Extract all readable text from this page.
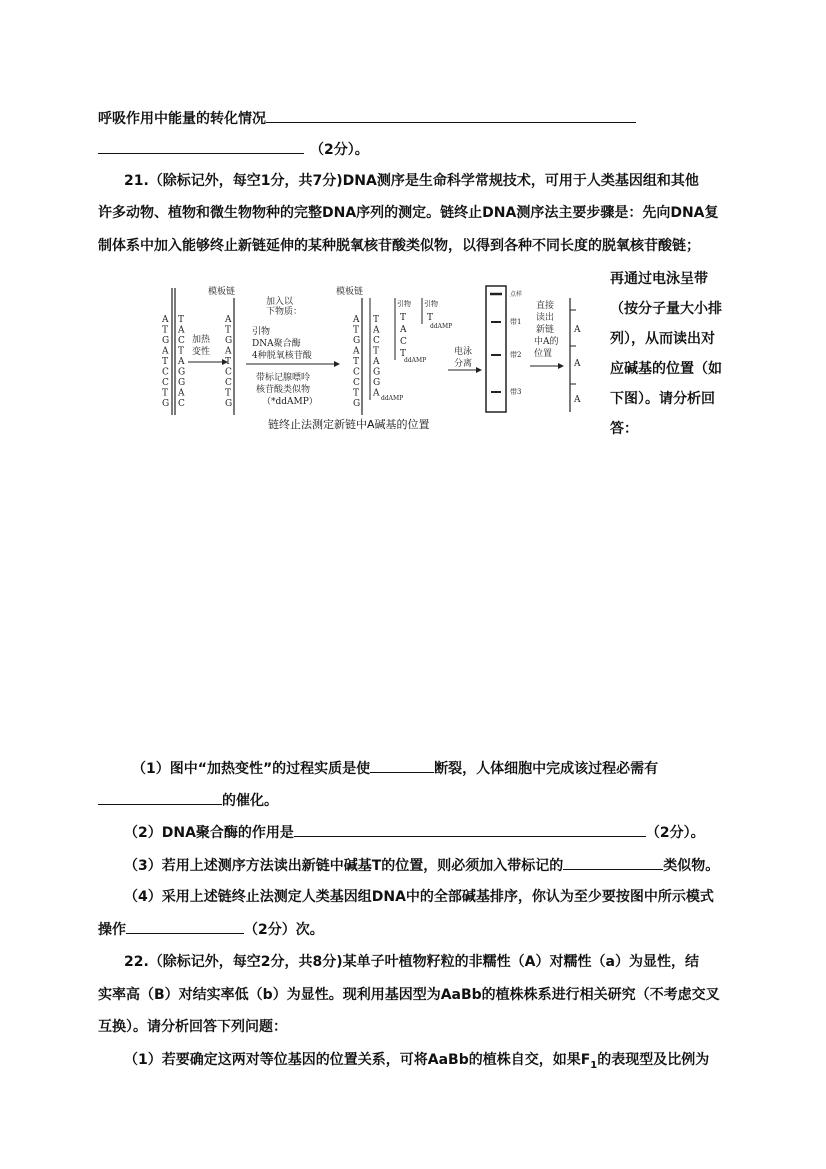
呼吸作用中能量的转化情况
（2分）。
21.（除标记外，每空1分，共7分)DNA测序是生命科学常规技术，可用于人类基因组和其他
许多动物、植物和微生物物种的完整DNA序列的测定。链终止DNA测序法主要步骤是：先向DNA复
制体系中加入能够终止新链延伸的某种脱氧核苷酸类似物，以得到各种不同长度的脱氧核苷酸链；
再通过电泳呈带
（按分子量大小排
列），从而读出对
应碱基的位置（如
下图）。请分析回
答：
A
T
G
A
T
C
C
T
G
T
A
C
T
A
G
G
A
C
加热
变性
模板链
A
T
G
A
T
C
C
T
G
加入以
下物质：
引物
DNA聚合酶
4种脱氧核苷酸
带标记腺嘌呤
核苷酸类似物
（*ddAMP）
模板链
A
T
G
A
T
C
C
T
G
T
A
C
T
A
G
G
A ddAMP
引物
T
A
C
T
ddAMP
引物
T
ddAMP
电泳
分离
点样
带1
带2
带3
直接
读出
新链
中A的
位置
A
A
A
链终止法测定新链中A碱基的位置
（1）图中“加热变性”的过程实质是使	断裂，人体细胞中完成该过程必需有
的催化。
（2）DNA聚合酶的作用是	（2分）。
（3）若用上述测序方法读出新链中碱基T的位置，则必须加入带标记的	类似物。
（4）采用上述链终止法测定人类基因组DNA中的全部碱基排序，你认为至少要按图中所示模式
操作	（2分）次。
22.（除标记外，每空2分，共8分)某单子叶植物籽粒的非糯性（A）对糯性（a）为显性，结
实率高（B）对结实率低（b）为显性。现利用基因型为AaBb的植株株系进行相关研究（不考虑交叉
互换）。请分析回答下列问题：
（1）若要确定这两对等位基因的位置关系，可将AaBb的植株自交，如果$F_1$的表现型及比例为
